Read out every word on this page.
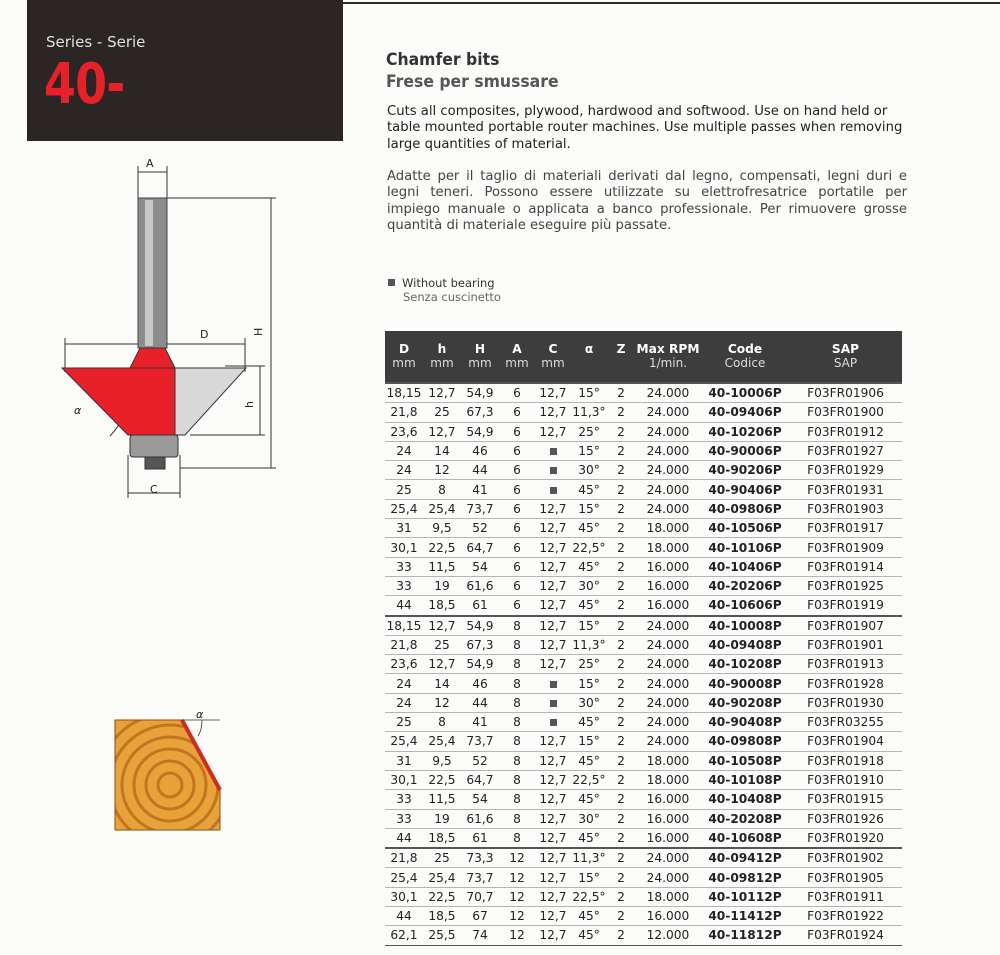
Series - Serie
40-	Chamfer bits
Frese per smussare
Cuts all composites, plywood, hardwood and softwood. Use on hand held or table mounted portable router machines. Use multiple passes when removing large quantities of material.
Adatte per il taglio di materiali derivati dal legno, compensati, legni duri e legni teneri. Possono essere utilizzate su elettrofresatrice portatile per impiego manuale o applicata a banco professionale. Per rimuovere grosse quantità di materiale eseguire più passate.
Without bearing
Senza cuscinetto
A
D	H
h
C
α
α
D	h	H	A	C	α	Z	Max RPM	Code	SAP
mm	mm	mm	mm	mm			1/min.	Codice	SAP
18,15	12,7	54,9	6	12,7	15°	2	24.000	40-10006P	F03FR01906
21,8	25	67,3	6	12,7	11,3°	2	24.000	40-09406P	F03FR01900
23,6	12,7	54,9	6	12,7	25°	2	24.000	40-10206P	F03FR01912
24	14	46	6		15°	2	24.000	40-90006P	F03FR01927
24	12	44	6		30°	2	24.000	40-90206P	F03FR01929
25	8	41	6		45°	2	24.000	40-90406P	F03FR01931
25,4	25,4	73,7	6	12,7	15°	2	24.000	40-09806P	F03FR01903
31	9,5	52	6	12,7	45°	2	18.000	40-10506P	F03FR01917
30,1	22,5	64,7	6	12,7	22,5°	2	18.000	40-10106P	F03FR01909
33	11,5	54	6	12,7	45°	2	16.000	40-10406P	F03FR01914
33	19	61,6	6	12,7	30°	2	16.000	40-20206P	F03FR01925
44	18,5	61	6	12,7	45°	2	16.000	40-10606P	F03FR01919
18,15	12,7	54,9	8	12,7	15°	2	24.000	40-10008P	F03FR01907
21,8	25	67,3	8	12,7	11,3°	2	24.000	40-09408P	F03FR01901
23,6	12,7	54,9	8	12,7	25°	2	24.000	40-10208P	F03FR01913
24	14	46	8		15°	2	24.000	40-90008P	F03FR01928
24	12	44	8		30°	2	24.000	40-90208P	F03FR01930
25	8	41	8		45°	2	24.000	40-90408P	F03FR03255
25,4	25,4	73,7	8	12,7	15°	2	24.000	40-09808P	F03FR01904
31	9,5	52	8	12,7	45°	2	18.000	40-10508P	F03FR01918
30,1	22,5	64,7	8	12,7	22,5°	2	18.000	40-10108P	F03FR01910
33	11,5	54	8	12,7	45°	2	16.000	40-10408P	F03FR01915
33	19	61,6	8	12,7	30°	2	16.000	40-20208P	F03FR01926
44	18,5	61	8	12,7	45°	2	16.000	40-10608P	F03FR01920
21,8	25	73,3	12	12,7	11,3°	2	24.000	40-09412P	F03FR01902
25,4	25,4	73,7	12	12,7	15°	2	24.000	40-09812P	F03FR01905
30,1	22,5	70,7	12	12,7	22,5°	2	18.000	40-10112P	F03FR01911
44	18,5	67	12	12,7	45°	2	16.000	40-11412P	F03FR01922
62,1	25,5	74	12	12,7	45°	2	12.000	40-11812P	F03FR01924
